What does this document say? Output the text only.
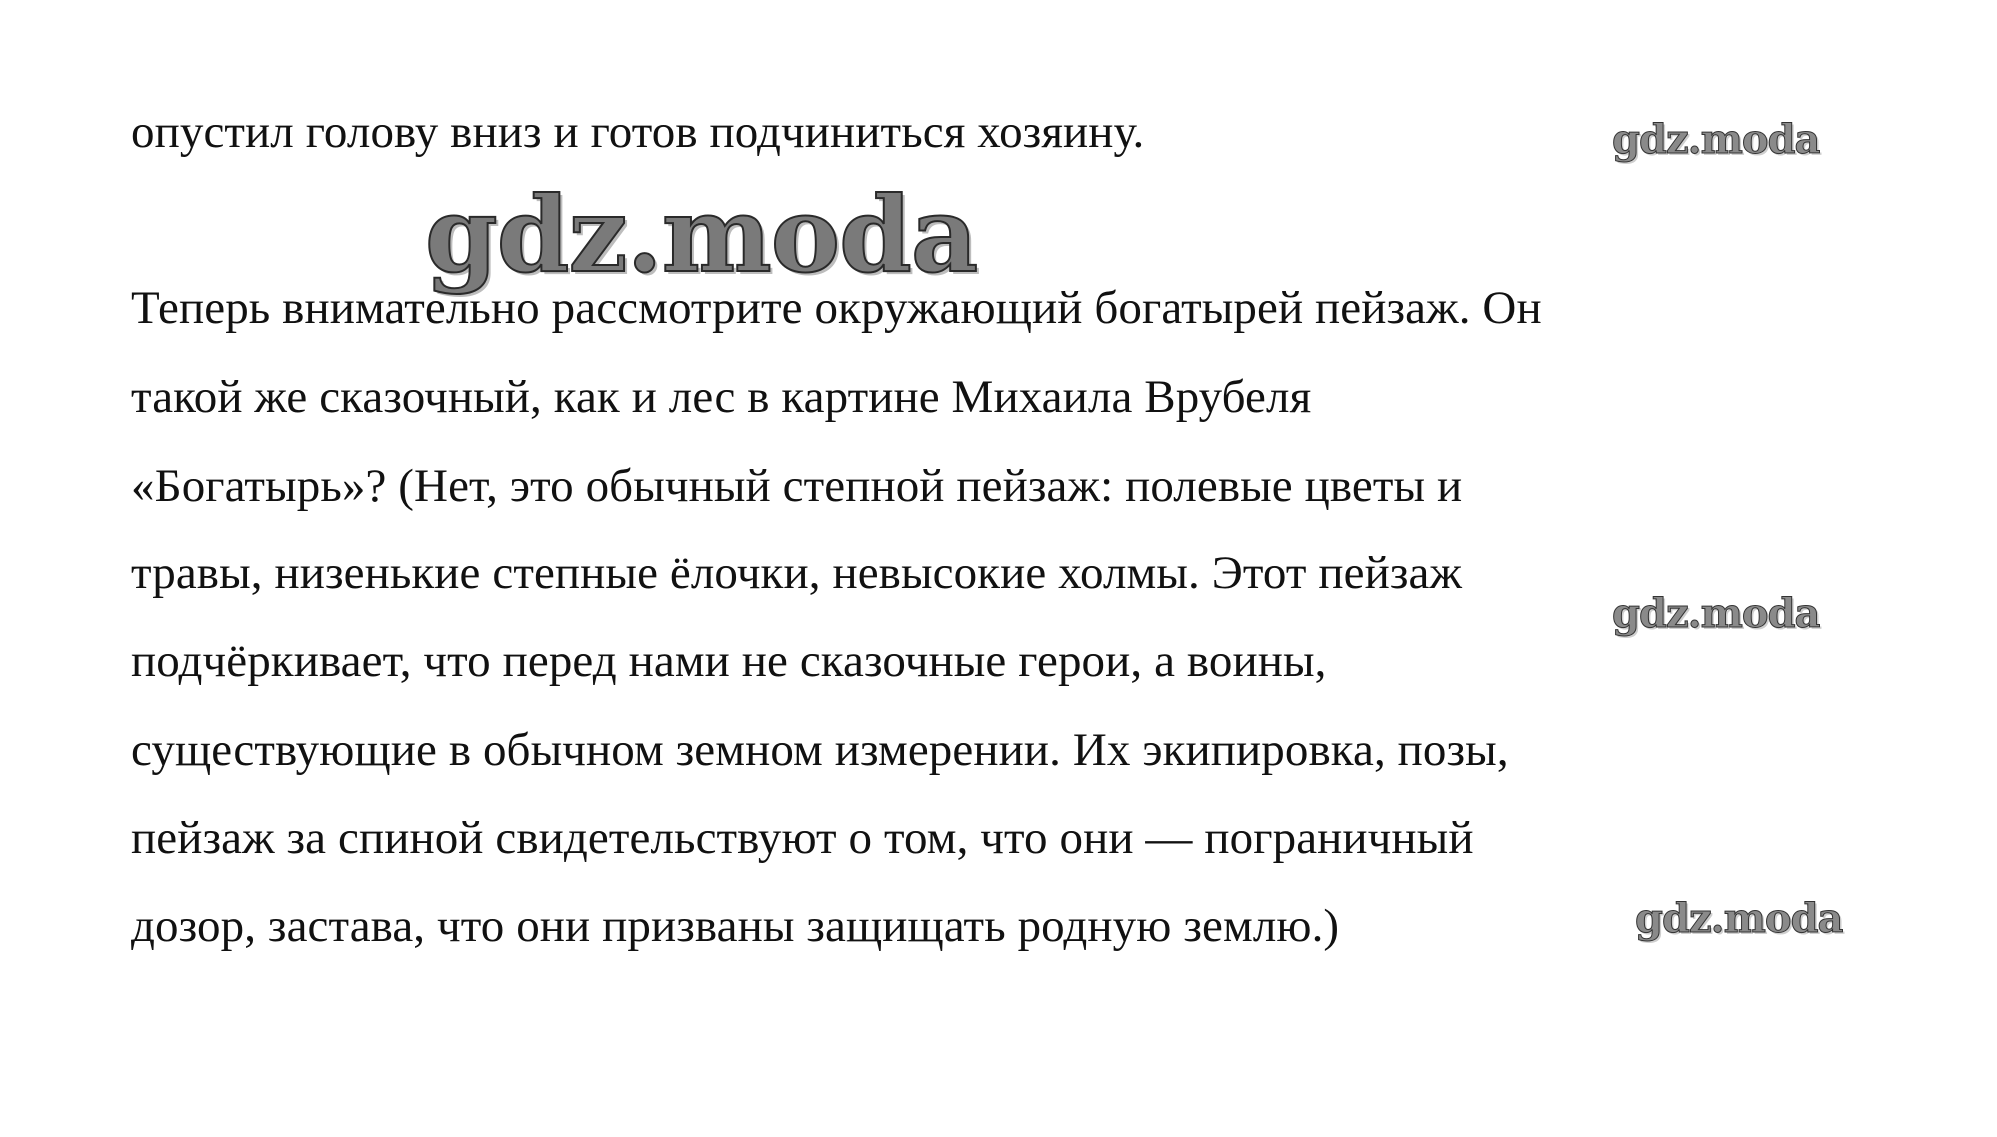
опустил голову вниз и готов подчиниться хозяину.
gdz.moda
gdz.moda
Теперь внимательно рассмотрите окружающий богатырей пейзаж. Он
такой же сказочный, как и лес в картине Михаила Врубеля
«Богатырь»? (Нет, это обычный степной пейзаж: полевые цветы и
травы, низенькие степные ёлочки, невысокие холмы. Этот пейзаж
gdz.moda
подчёркивает, что перед нами не сказочные герои, а воины,
существующие в обычном земном измерении. Их экипировка, позы,
пейзаж за спиной свидетельствуют о том, что они — пограничный
дозор, застава, что они призваны защищать родную землю.)	gdz.moda
